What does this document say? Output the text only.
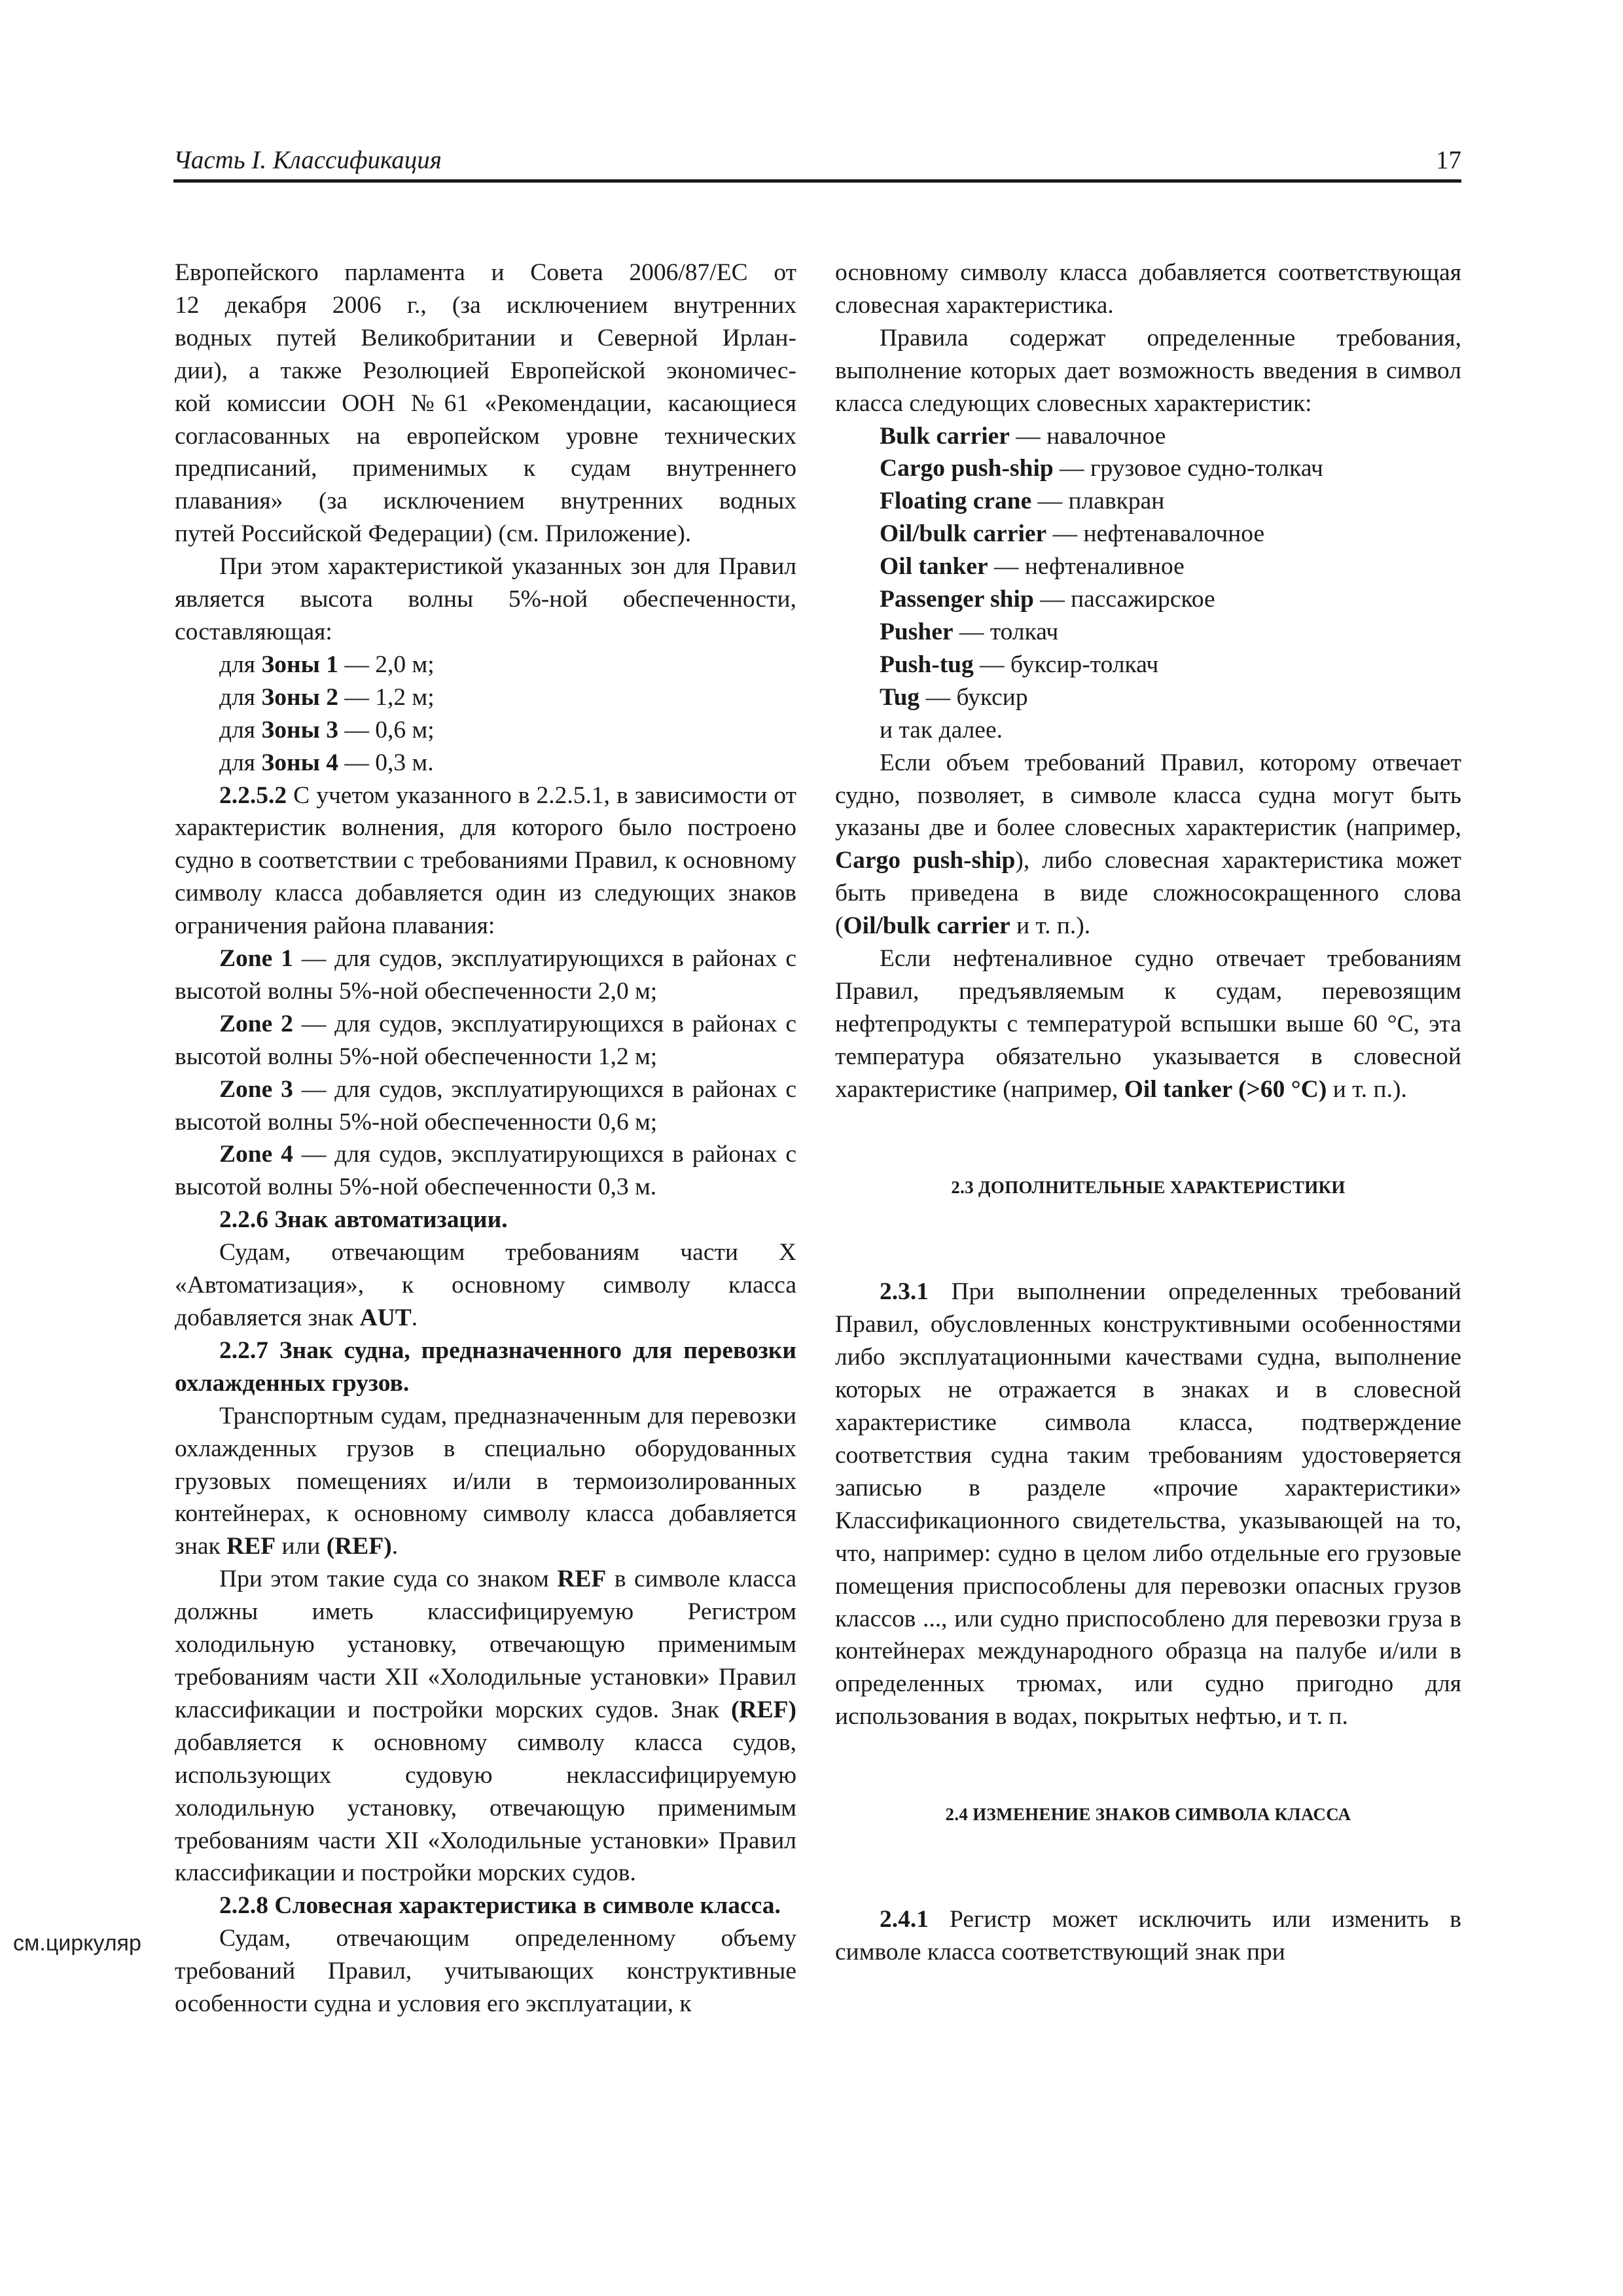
Часть I. Классификация	17
см.циркуляр

Европейского парламента и Совета 2006/87/ЕС от

12 декабря 2006 г., (за исключением внутренних

водных путей Великобритании и Северной Ирлан-

дии), а также Резолюцией Европейской экономичес-

кой комиссии ООН №61 «Рекомендации, касающиеся

согласованных на европейском уровне технических

предписаний, применимых к судам внутреннего

плавания» (за исключением внутренних водных

путей Российской Федерации) (см. Приложение).

При этом характеристикой указанных зон для Правил является высота волны 5%-ной обеспеченности, составляющая:

для Зоны 1 — 2,0 м;

для Зоны 2 — 1,2 м;

для Зоны 3 — 0,6 м;

для Зоны 4 — 0,3 м.

2.2.5.2 С учетом указанного в 2.2.5.1, в зависимости от характеристик волнения, для которого было построено судно в соответствии с требованиями Правил, к основному символу класса добавляется один из следующих знаков ограничения района плавания:

Zone 1 — для судов, эксплуатирующихся в районах с высотой волны 5%-ной обеспеченности 2,0 м;

Zone 2 — для судов, эксплуатирующихся в районах с высотой волны 5%-ной обеспеченности 1,2 м;

Zone 3 — для судов, эксплуатирующихся в районах с высотой волны 5%-ной обеспеченности 0,6 м;

Zone 4 — для судов, эксплуатирующихся в районах с высотой волны 5%-ной обеспеченности 0,3 м.

2.2.6 Знак автоматизации.

Судам, отвечающим требованиям части X «Автоматизация», к основному символу класса добавляется знак AUT.

2.2.7 Знак судна, предназначенного для перевозки охлажденных грузов.

Транспортным судам, предназначенным для перевозки охлажденных грузов в специально оборудованных грузовых помещениях и/или в термоизолированных контейнерах, к основному символу класса добавляется знак REF или (REF).

При этом такие суда со знаком REF в символе класса должны иметь классифицируемую Регистром холодильную установку, отвечающую применимым требованиям части XII «Холодильные установки» Правил классификации и постройки морских судов. Знак (REF) добавляется к основному символу класса судов, использующих судовую неклассифицируемую холодильную установку, отвечающую применимым требованиям части XII «Холодильные установки» Правил классификации и постройки морских судов.

2.2.8 Словесная характеристика в символе класса.

Судам, отвечающим определенному объему требований Правил, учитывающих конструктивные особенности судна и условия его эксплуатации, к

основному символу класса добавляется соответствующая словесная характеристика.

Правила содержат определенные требования, выполнение которых дает возможность введения в символ класса следующих словесных характеристик:

Bulk carrier — навалочное

Cargo push-ship — грузовое судно-толкач

Floating crane — плавкран

Oil/bulk carrier — нефтенавалочное

Oil tanker — нефтеналивное

Passenger ship — пассажирское

Pusher — толкач

Push-tug — буксир-толкач

Tug — буксир

и так далее.

Если объем требований Правил, которому отвечает судно, позволяет, в символе класса судна могут быть указаны две и более словесных характеристик (например, Cargo push-ship), либо словесная характеристика может быть приведена в виде сложносокращенного слова (Oil/bulk carrier и т. п.).

Если нефтеналивное судно отвечает требованиям Правил, предъявляемым к судам, перевозящим нефтепродукты с температурой вспышки выше 60 °С, эта температура обязательно указывается в словесной характеристике (например, Oil tanker (>60 °С) и т. п.).

2.3 ДОПОЛНИТЕЛЬНЫЕ ХАРАКТЕРИСТИКИ

2.3.1 При выполнении определенных требований Правил, обусловленных конструктивными особенностями либо эксплуатационными качествами судна, выполнение которых не отражается в знаках и в словесной характеристике символа класса, подтверждение соответствия судна таким требованиям удостоверяется записью в разделе «прочие характеристики» Классификационного свидетельства, указывающей на то, что, например: судно в целом либо отдельные его грузовые помещения приспособлены для перевозки опасных грузов классов ..., или судно приспособлено для перевозки груза в контейнерах международного образца на палубе и/или в определенных трюмах, или судно пригодно для использования в водах, покрытых нефтью, и т. п.

2.4 ИЗМЕНЕНИЕ ЗНАКОВ СИМВОЛА КЛАССА

2.4.1 Регистр может исключить или изменить в символе класса соответствующий знак при
